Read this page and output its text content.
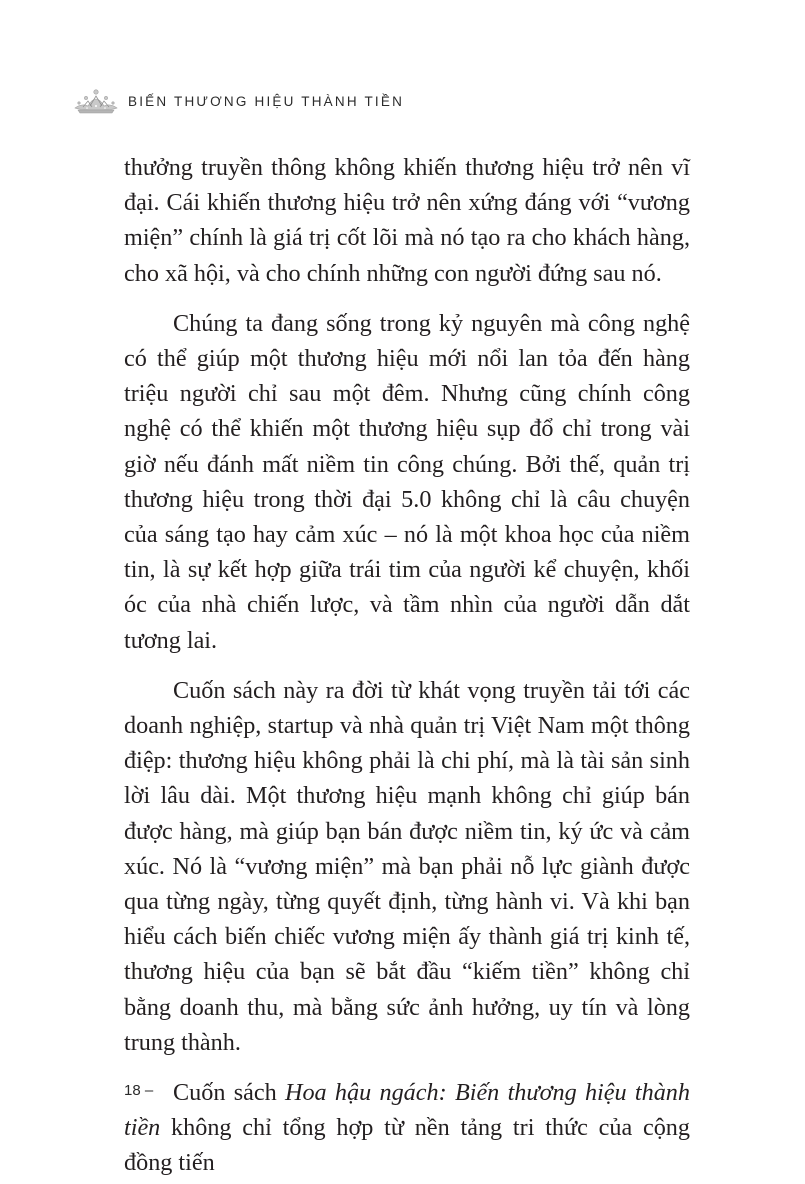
BIẾN THƯƠNG HIỆU THÀNH TIỀN

thưởng truyền thông không khiến thương hiệu trở nên vĩ đại. Cái khiến thương hiệu trở nên xứng đáng với “vương miện” chính là giá trị cốt lõi mà nó tạo ra cho khách hàng, cho xã hội, và cho chính những con người đứng sau nó.

Chúng ta đang sống trong kỷ nguyên mà công nghệ có thể giúp một thương hiệu mới nổi lan tỏa đến hàng triệu người chỉ sau một đêm. Nhưng cũng chính công nghệ có thể khiến một thương hiệu sụp đổ chỉ trong vài giờ nếu đánh mất niềm tin công chúng. Bởi thế, quản trị thương hiệu trong thời đại 5.0 không chỉ là câu chuyện của sáng tạo hay cảm xúc – nó là một khoa học của niềm tin, là sự kết hợp giữa trái tim của người kể chuyện, khối óc của nhà chiến lược, và tầm nhìn của người dẫn dắt tương lai.

Cuốn sách này ra đời từ khát vọng truyền tải tới các doanh nghiệp, startup và nhà quản trị Việt Nam một thông điệp: thương hiệu không phải là chi phí, mà là tài sản sinh lời lâu dài. Một thương hiệu mạnh không chỉ giúp bán được hàng, mà giúp bạn bán được niềm tin, ký ức và cảm xúc. Nó là “vương miện” mà bạn phải nỗ lực giành được qua từng ngày, từng quyết định, từng hành vi. Và khi bạn hiểu cách biến chiếc vương miện ấy thành giá trị kinh tế, thương hiệu của bạn sẽ bắt đầu “kiếm tiền” không chỉ bằng doanh thu, mà bằng sức ảnh hưởng, uy tín và lòng trung thành.

Cuốn sách Hoa hậu ngách: Biến thương hiệu thành tiền không chỉ tổng hợp từ nền tảng tri thức của cộng đồng tiến

18 –
